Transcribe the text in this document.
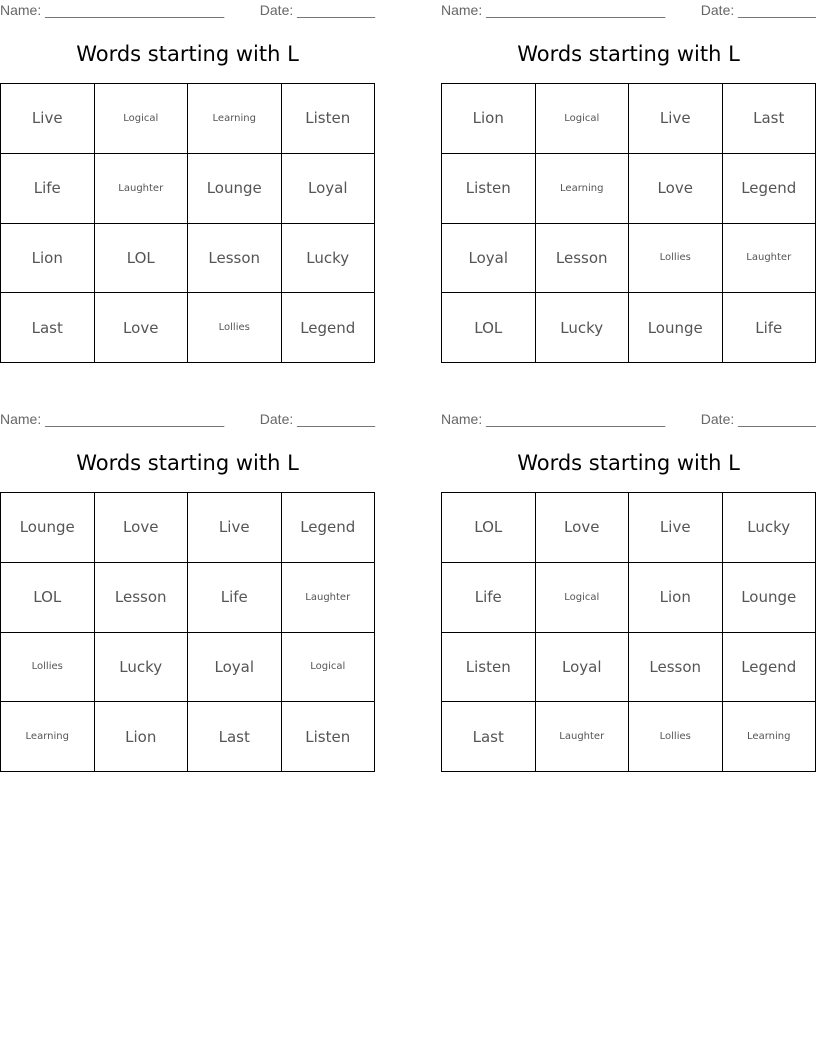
Name: _______________________	Date: __________
Words starting with L
Live	Logical	Learning	Listen
Life	Laughter	Lounge	Loyal
Lion	LOL	Lesson	Lucky
Last	Love	Lollies	Legend
Name: _______________________	Date: __________
Words starting with L
Lion	Logical	Live	Last
Listen	Learning	Love	Legend
Loyal	Lesson	Lollies	Laughter
LOL	Lucky	Lounge	Life
Name: _______________________	Date: __________
Words starting with L
Lounge	Love	Live	Legend
LOL	Lesson	Life	Laughter
Lollies	Lucky	Loyal	Logical
Learning	Lion	Last	Listen
Name: _______________________	Date: __________
Words starting with L
LOL	Love	Live	Lucky
Life	Logical	Lion	Lounge
Listen	Loyal	Lesson	Legend
Last	Laughter	Lollies	Learning
